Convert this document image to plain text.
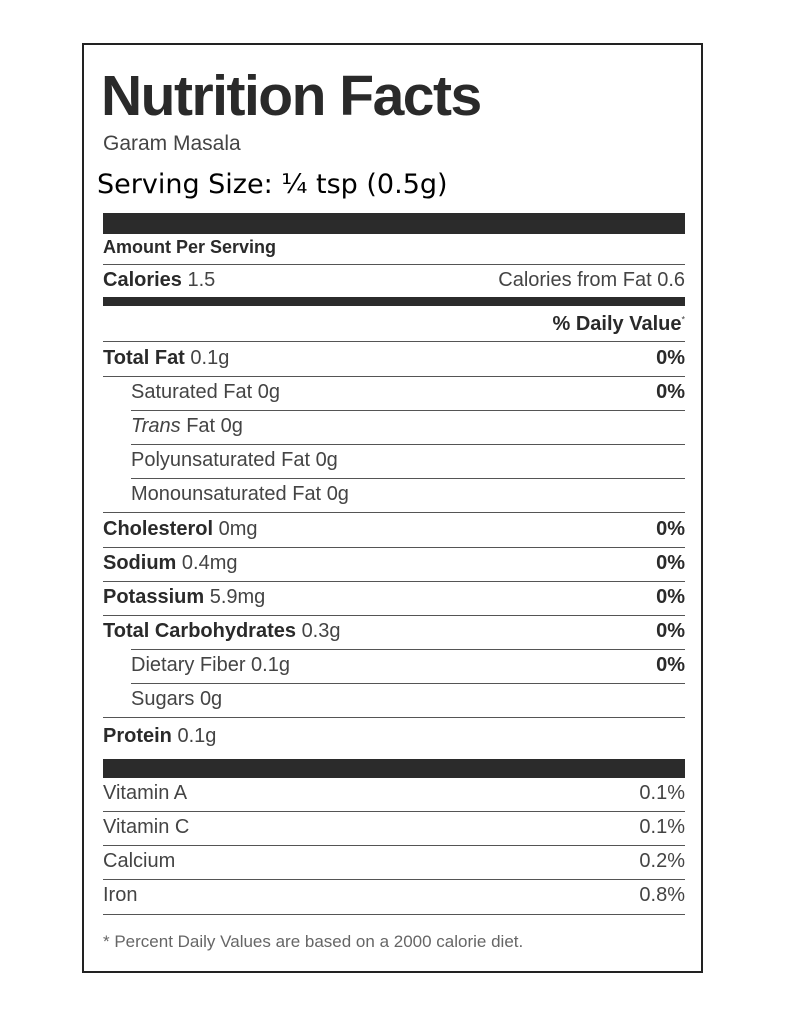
Nutrition Facts
Garam Masala
Serving Size: ¼ tsp (0.5g)
Amount Per Serving
Calories 1.5	Calories from Fat 0.6
% Daily Value*
Total Fat 0.1g	0%
Saturated Fat 0g	0%
Trans Fat 0g
Polyunsaturated Fat 0g
Monounsaturated Fat 0g
Cholesterol 0mg	0%
Sodium 0.4mg	0%
Potassium 5.9mg	0%
Total Carbohydrates 0.3g	0%
Dietary Fiber 0.1g	0%
Sugars 0g
Protein 0.1g
Vitamin A	0.1%
Vitamin C	0.1%
Calcium	0.2%
Iron	0.8%
* Percent Daily Values are based on a 2000 calorie diet.
